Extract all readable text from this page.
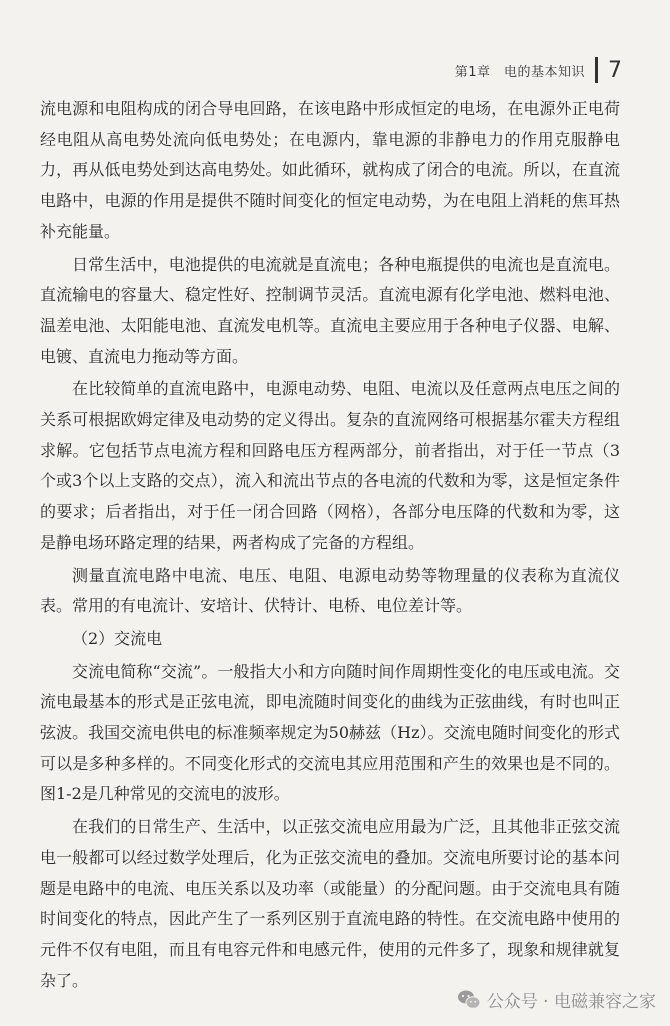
第1章　电的基本知识 7

流电源和电阻构成的闭合导电回路，在该电路中形成恒定的电场，在电源外正电荷经电阻从高电势处流向低电势处；在电源内，靠电源的非静电力的作用克服静电力，再从低电势处到达高电势处。如此循环，就构成了闭合的电流。所以，在直流电路中，电源的作用是提供不随时间变化的恒定电动势，为在电阻上消耗的焦耳热补充能量。

日常生活中，电池提供的电流就是直流电；各种电瓶提供的电流也是直流电。直流输电的容量大、稳定性好、控制调节灵活。直流电源有化学电池、燃料电池、温差电池、太阳能电池、直流发电机等。直流电主要应用于各种电子仪器、电解、电镀、直流电力拖动等方面。

在比较简单的直流电路中，电源电动势、电阻、电流以及任意两点电压之间的关系可根据欧姆定律及电动势的定义得出。复杂的直流网络可根据基尔霍夫方程组求解。它包括节点电流方程和回路电压方程两部分，前者指出，对于任一节点（3个或3个以上支路的交点），流入和流出节点的各电流的代数和为零，这是恒定条件的要求；后者指出，对于任一闭合回路（网格），各部分电压降的代数和为零，这是静电场环路定理的结果，两者构成了完备的方程组。

测量直流电路中电流、电压、电阻、电源电动势等物理量的仪表称为直流仪表。常用的有电流计、安培计、伏特计、电桥、电位差计等。

（2）交流电

交流电简称“交流”。一般指大小和方向随时间作周期性变化的电压或电流。交流电最基本的形式是正弦电流，即电流随时间变化的曲线为正弦曲线，有时也叫正弦波。我国交流电供电的标准频率规定为50赫兹（Hz）。交流电随时间变化的形式可以是多种多样的。不同变化形式的交流电其应用范围和产生的效果也是不同的。图1-2是几种常见的交流电的波形。

在我们的日常生产、生活中，以正弦交流电应用最为广泛，且其他非正弦交流电一般都可以经过数学处理后，化为正弦交流电的叠加。交流电所要讨论的基本问题是电路中的电流、电压关系以及功率（或能量）的分配问题。由于交流电具有随时间变化的特点，因此产生了一系列区别于直流电路的特性。在交流电路中使用的元件不仅有电阻，而且有电容元件和电感元件，使用的元件多了，现象和规律就复杂了。

公众号 · 电磁兼容之家
